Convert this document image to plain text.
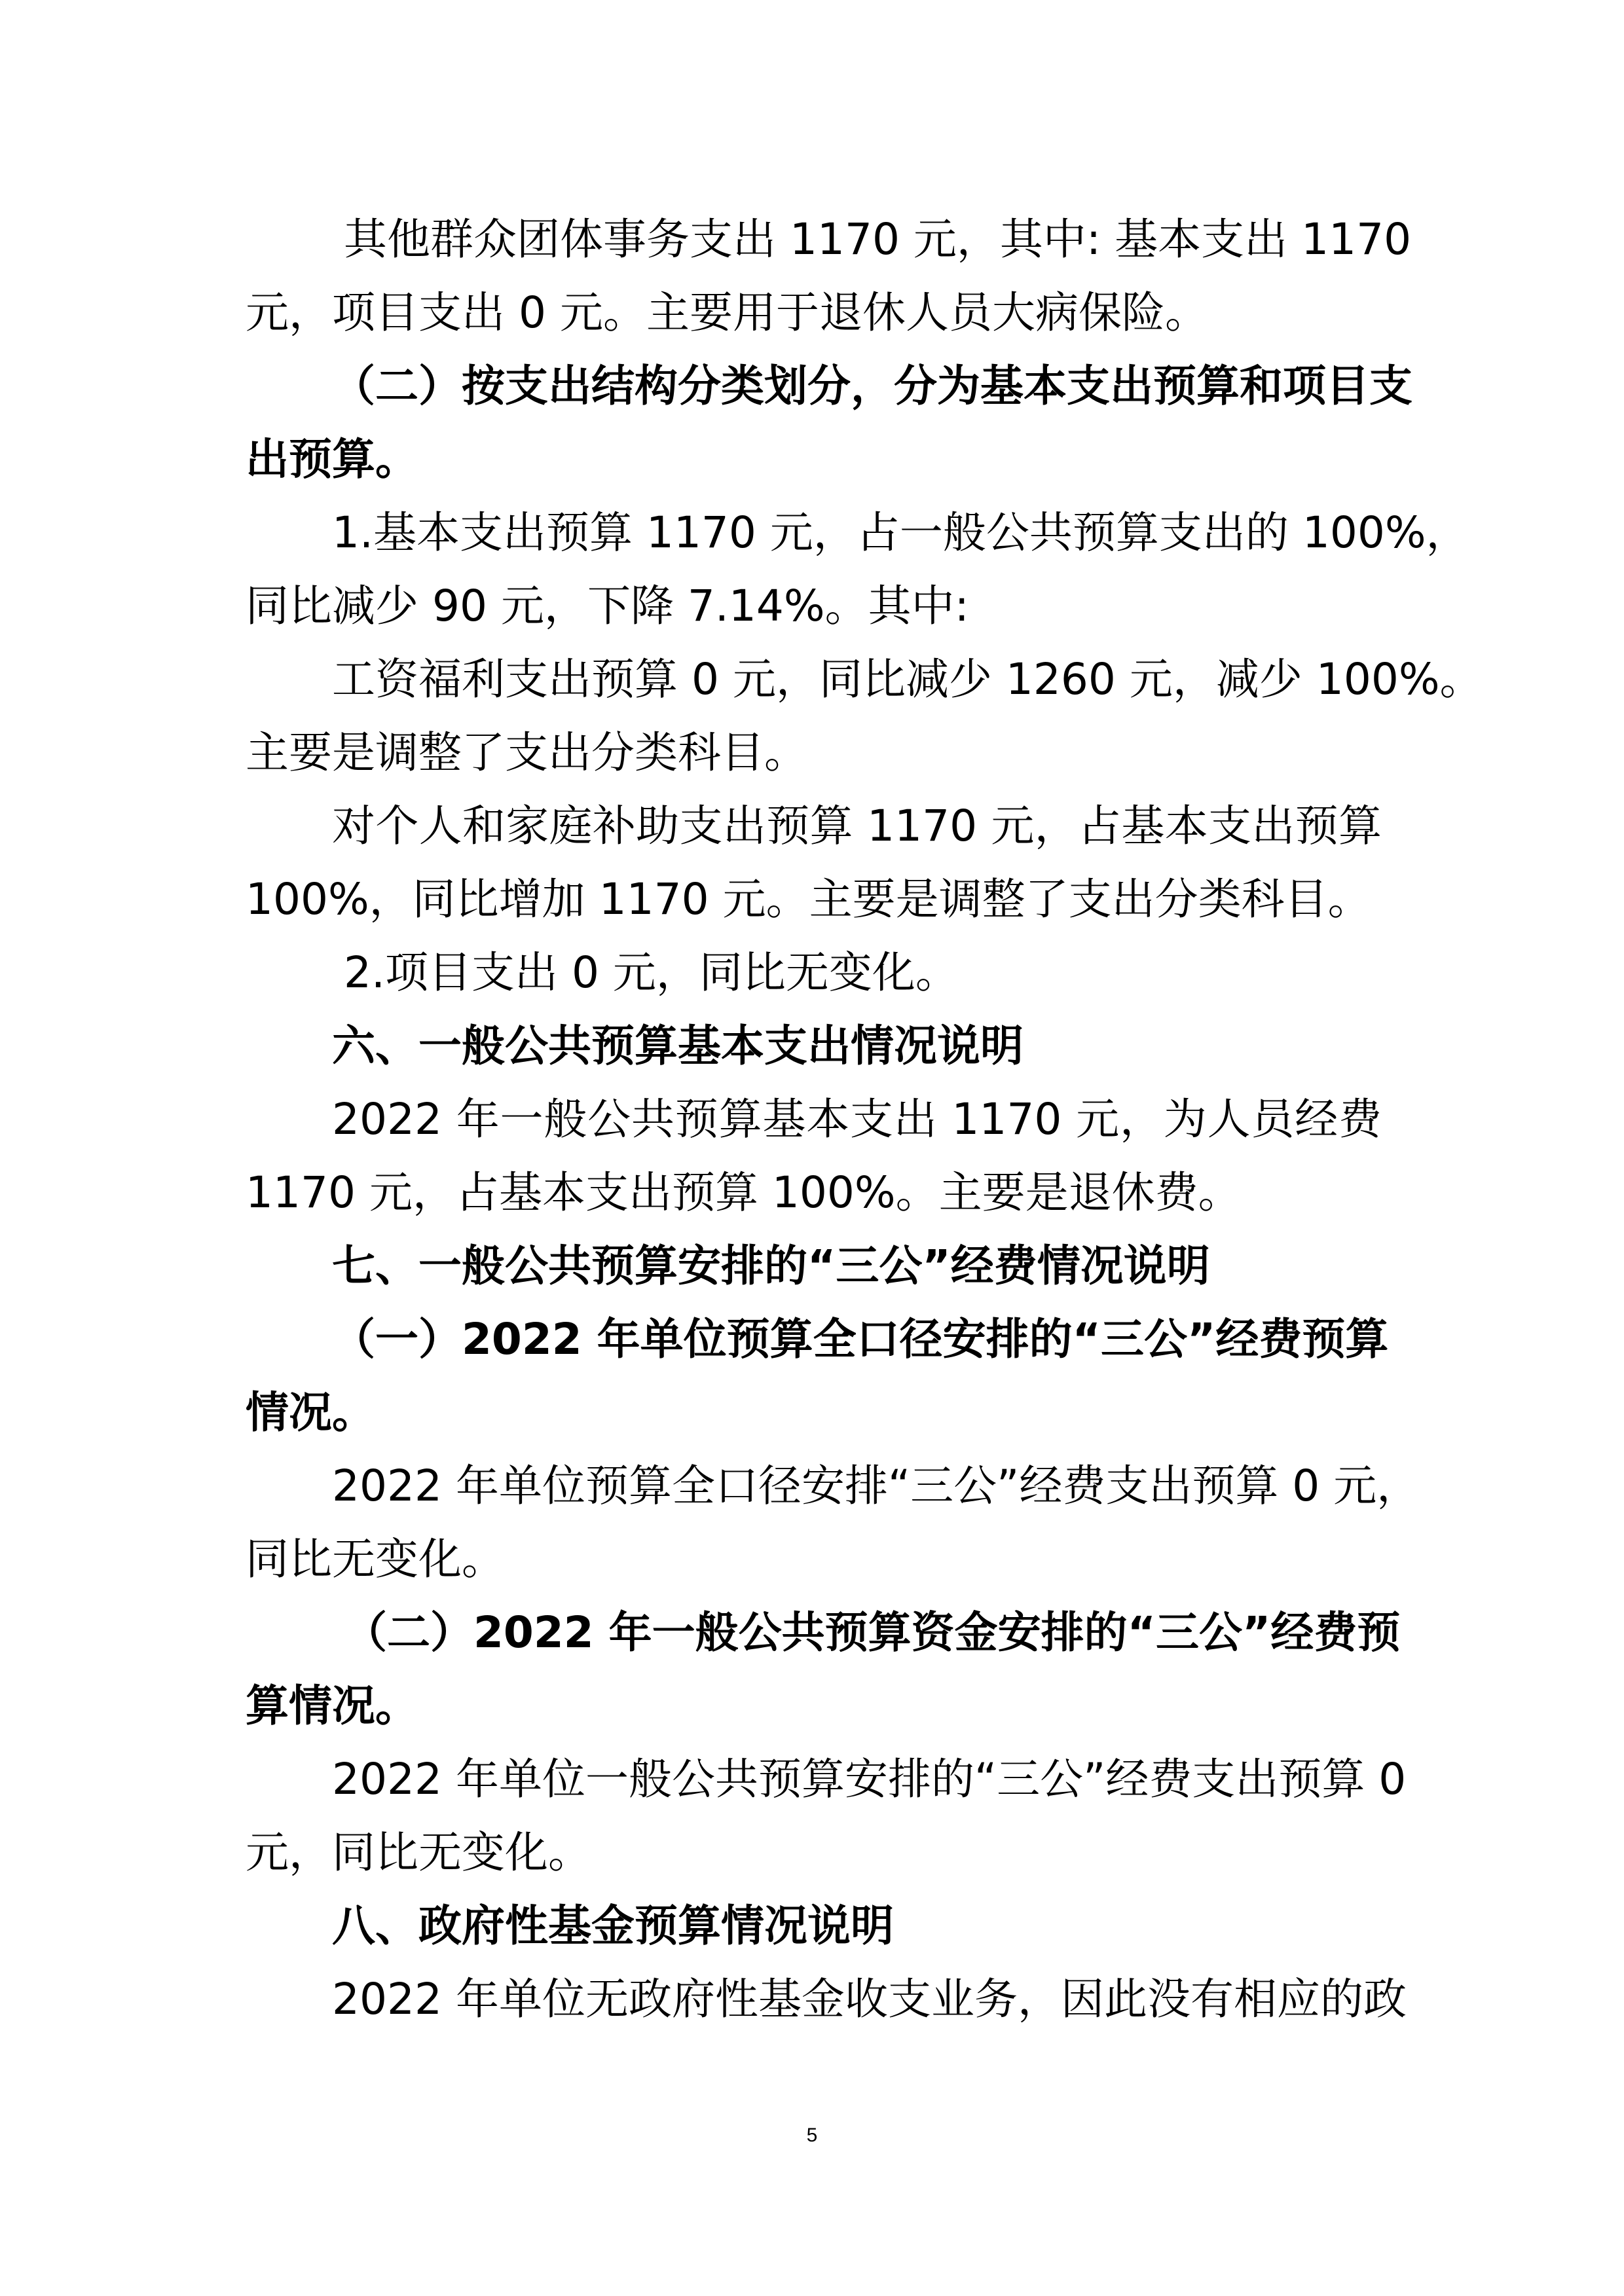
其他群众团体事务支出 1170 元，其中: 基本支出 1170

元，项目支出 0 元。主要用于退休人员大病保险。

（二）按支出结构分类划分，分为基本支出预算和项目支

出预算。

1.基本支出预算 1170 元，占一般公共预算支出的 100%，

同比减少 90 元，下降 7.14%。其中:

工资福利支出预算 0 元，同比减少 1260 元，减少 100%。

主要是调整了支出分类科目。

对个人和家庭补助支出预算 1170 元，占基本支出预算

100%，同比增加 1170 元。主要是调整了支出分类科目。

2.项目支出 0 元，同比无变化。

六、一般公共预算基本支出情况说明

2022 年一般公共预算基本支出 1170 元，为人员经费

1170 元，占基本支出预算 100%。主要是退休费。

七、一般公共预算安排的“三公”经费情况说明

（一）2022 年单位预算全口径安排的“三公”经费预算

情况。

2022 年单位预算全口径安排“三公”经费支出预算 0 元，

同比无变化。

（二）2022 年一般公共预算资金安排的“三公”经费预

算情况。

2022 年单位一般公共预算安排的“三公”经费支出预算 0

元，同比无变化。

八、政府性基金预算情况说明

2022 年单位无政府性基金收支业务，因此没有相应的政

5
